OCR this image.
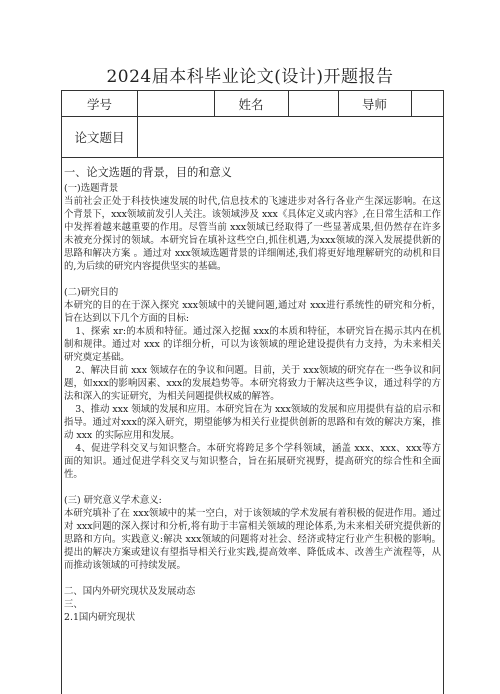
2024届本科毕业论文(设计)开题报告
学号	姓名	导师
论文题目

一、论文选题的背景，目的和意义

(一)选题背景

当前社会正处于科技快速发展的时代,信息技术的飞速进步对各行各业产生深远影响。在这个背景下，xxx领域前发引人关注。该领域涉及 xxx《具体定义或内容》,在日常生活和工作中发挥着越来越重要的作用。尽管当前 xxx领域已经取得了一些显著成果,但仍然存在许多未被充分探讨的领域。本研究旨在填补这些空白,抓住机遇,为xxx领域的深入发展提供新的思路和解决方案 。通过对 xxx领域选题背景的详细阐述,我们将更好地理解研究的动机和目的,为后续的研究内容提供坚实的基础。

(二)研究目的

本研究的目的在于深入探究 xxx领域中的关键问题,通过对 xxx进行系统性的研究和分析，旨在达到以下几个方面的目标:

1、探索 xr:的本质和特征。通过深入挖掘 xxx的本质和特征，本研究旨在揭示其内在机制和规律。通过对 xxx 的详细分析，可以为该领域的理论建设提供有力支持，为未来相关研究奠定基础。

2、解决目前 xxx 领域存在的争议和问题。目前，关于 xxx领域的研究存在一些争议和问题，如xxx的影响因素、xxx的发展趋势等。本研究将致力于解决这些争议，通过科学的方法和深入的实证研究，为相关问题提供权威的解答。

3、推动 xxx 领域的发展和应用。本研究旨在为 xxx领域的发展和应用提供有益的启示和指导。通过对xxx的深入研究，期望能够为相关行业提供创新的思路和有效的解决方案，推动 xxx 的实际应用和发展。

4、促进学科交叉与知识整合。本研究将跨足多个学科领域，涵盖 xxx、xxx、xxx等方面的知识。通过促进学科交叉与知识整合，旨在拓展研究视野，提高研究的综合性和全面性。

(三) 研究意义学术意义:

本研究填补了在 xxx领域中的某一空白，对于该领域的学术发展有着积极的促进作用。通过对 xxx问题的深入探讨和分析,将有助于丰富相关领域的理论体系,为未来相关研究提供新的思路和方向。实践意义:解决 xxx领域的问题将对社会、经济或特定行业产生积极的影响。提出的解决方案或建议有望指导相关行业实践,提高效率、降低成本、改善生产流程等，从而推动该领域的可持续发展。

二、国内外研究现状及发展动态

三、

2.1国内研究现状
